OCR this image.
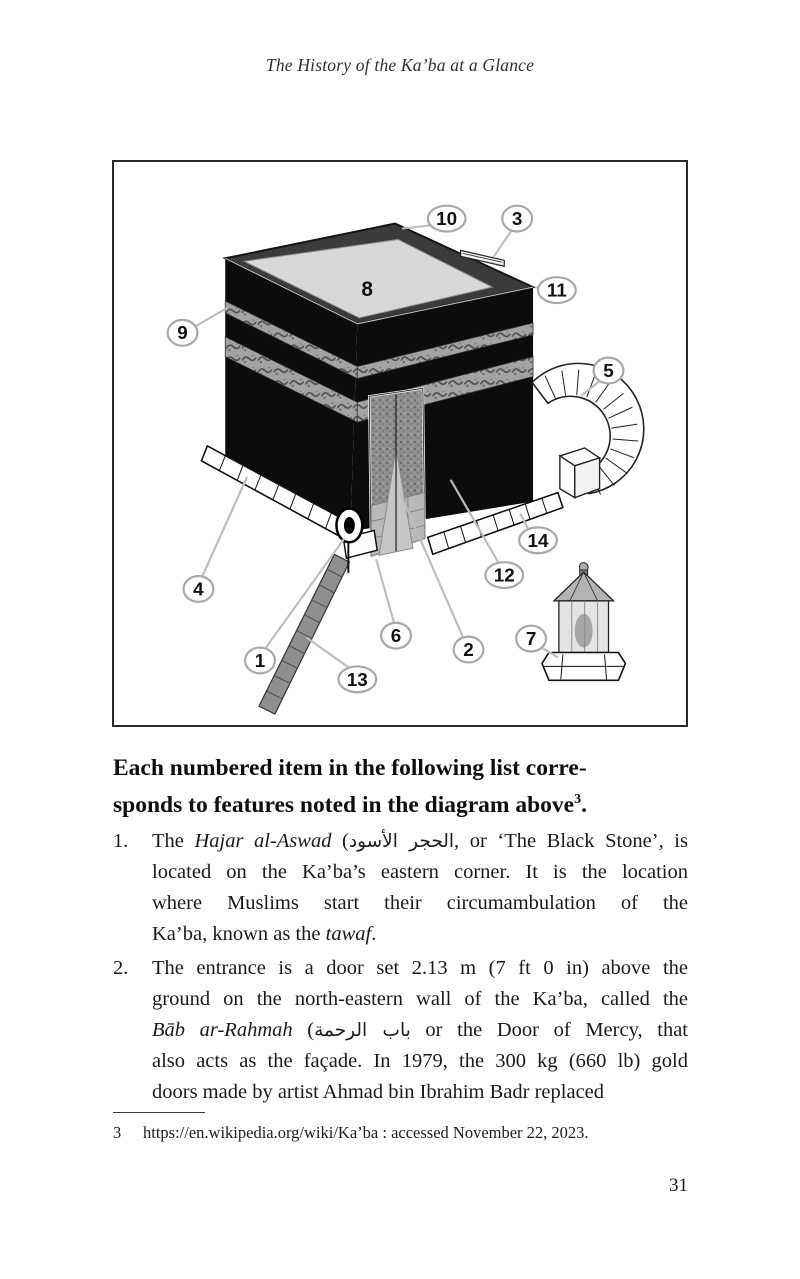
The History of the Ka’ba at a Glance
1
2
3
4
5
6	7
8
9
10
11
12
13
14
Each numbered item in the following list corre-
sponds to features noted in the diagram above$^3$.
1.	The Hajar al-Aswad (الحجر الأسود, or ‘The Black Stone’, is
located on the Ka’ba’s eastern corner. It is the location
where Muslims start their circumambulation of the
Ka’ba, known as the tawaf.
2.	The entrance is a door set 2.13 m (7 ft 0 in) above the
ground on the north-eastern wall of the Ka’ba, called the
Bāb ar-Rahmah (باب الرحمة or the Door of Mercy, that
also acts as the façade. In 1979, the 300 kg (660 lb) gold
doors made by artist Ahmad bin Ibrahim Badr replaced
3	https://en.wikipedia.org/wiki/Ka’ba : accessed November 22, 2023.
31
